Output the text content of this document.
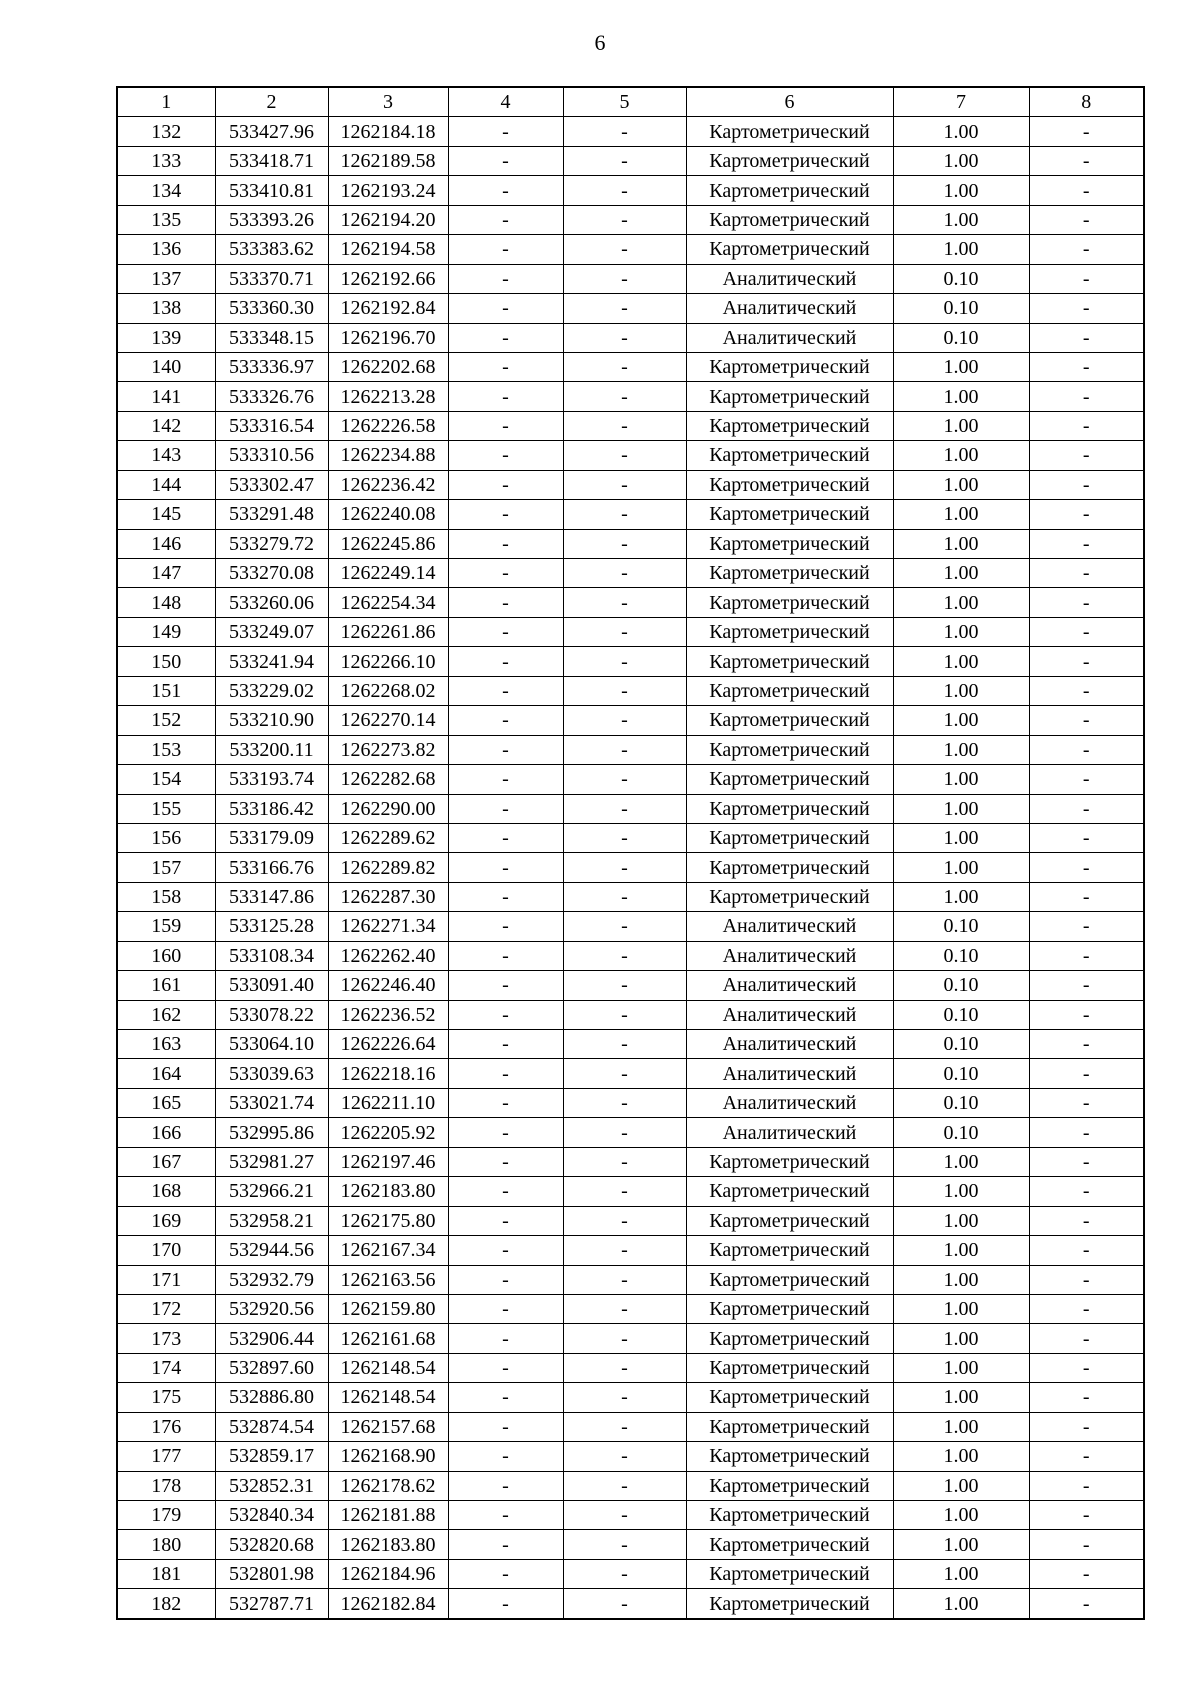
6
1	2	3	4	5	6	7	8
132	533427.96	1262184.18	-	-	Картометрический	1.00	-
133	533418.71	1262189.58	-	-	Картометрический	1.00	-
134	533410.81	1262193.24	-	-	Картометрический	1.00	-
135	533393.26	1262194.20	-	-	Картометрический	1.00	-
136	533383.62	1262194.58	-	-	Картометрический	1.00	-
137	533370.71	1262192.66	-	-	Аналитический	0.10	-
138	533360.30	1262192.84	-	-	Аналитический	0.10	-
139	533348.15	1262196.70	-	-	Аналитический	0.10	-
140	533336.97	1262202.68	-	-	Картометрический	1.00	-
141	533326.76	1262213.28	-	-	Картометрический	1.00	-
142	533316.54	1262226.58	-	-	Картометрический	1.00	-
143	533310.56	1262234.88	-	-	Картометрический	1.00	-
144	533302.47	1262236.42	-	-	Картометрический	1.00	-
145	533291.48	1262240.08	-	-	Картометрический	1.00	-
146	533279.72	1262245.86	-	-	Картометрический	1.00	-
147	533270.08	1262249.14	-	-	Картометрический	1.00	-
148	533260.06	1262254.34	-	-	Картометрический	1.00	-
149	533249.07	1262261.86	-	-	Картометрический	1.00	-
150	533241.94	1262266.10	-	-	Картометрический	1.00	-
151	533229.02	1262268.02	-	-	Картометрический	1.00	-
152	533210.90	1262270.14	-	-	Картометрический	1.00	-
153	533200.11	1262273.82	-	-	Картометрический	1.00	-
154	533193.74	1262282.68	-	-	Картометрический	1.00	-
155	533186.42	1262290.00	-	-	Картометрический	1.00	-
156	533179.09	1262289.62	-	-	Картометрический	1.00	-
157	533166.76	1262289.82	-	-	Картометрический	1.00	-
158	533147.86	1262287.30	-	-	Картометрический	1.00	-
159	533125.28	1262271.34	-	-	Аналитический	0.10	-
160	533108.34	1262262.40	-	-	Аналитический	0.10	-
161	533091.40	1262246.40	-	-	Аналитический	0.10	-
162	533078.22	1262236.52	-	-	Аналитический	0.10	-
163	533064.10	1262226.64	-	-	Аналитический	0.10	-
164	533039.63	1262218.16	-	-	Аналитический	0.10	-
165	533021.74	1262211.10	-	-	Аналитический	0.10	-
166	532995.86	1262205.92	-	-	Аналитический	0.10	-
167	532981.27	1262197.46	-	-	Картометрический	1.00	-
168	532966.21	1262183.80	-	-	Картометрический	1.00	-
169	532958.21	1262175.80	-	-	Картометрический	1.00	-
170	532944.56	1262167.34	-	-	Картометрический	1.00	-
171	532932.79	1262163.56	-	-	Картометрический	1.00	-
172	532920.56	1262159.80	-	-	Картометрический	1.00	-
173	532906.44	1262161.68	-	-	Картометрический	1.00	-
174	532897.60	1262148.54	-	-	Картометрический	1.00	-
175	532886.80	1262148.54	-	-	Картометрический	1.00	-
176	532874.54	1262157.68	-	-	Картометрический	1.00	-
177	532859.17	1262168.90	-	-	Картометрический	1.00	-
178	532852.31	1262178.62	-	-	Картометрический	1.00	-
179	532840.34	1262181.88	-	-	Картометрический	1.00	-
180	532820.68	1262183.80	-	-	Картометрический	1.00	-
181	532801.98	1262184.96	-	-	Картометрический	1.00	-
182	532787.71	1262182.84	-	-	Картометрический	1.00	-
